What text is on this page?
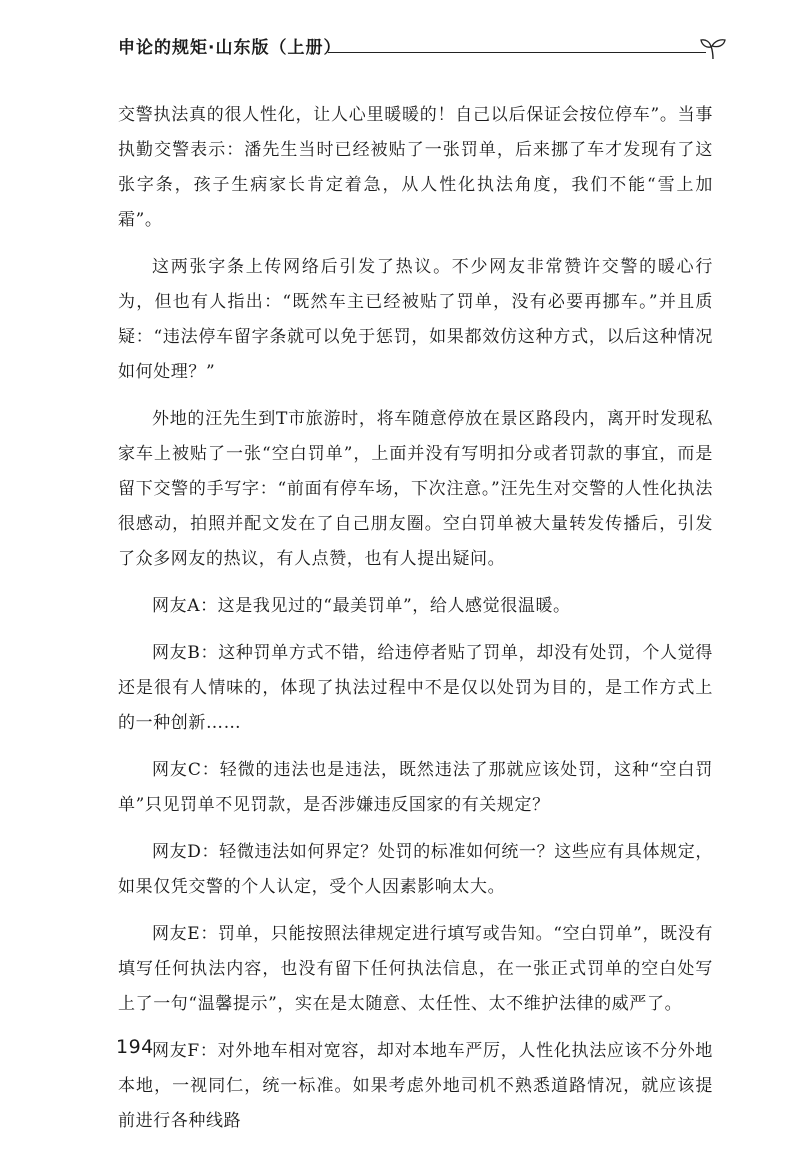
申论的规矩·山东版（上册）

交警执法真的很人性化，让人心里暖暖的！自己以后保证会按位停车”。当事执勤交警表示：潘先生当时已经被贴了一张罚单，后来挪了车才发现有了这张字条，孩子生病家长肯定着急，从人性化执法角度，我们不能“雪上加霜”。

这两张字条上传网络后引发了热议。不少网友非常赞许交警的暖心行为，但也有人指出：“既然车主已经被贴了罚单，没有必要再挪车。”并且质疑：“违法停车留字条就可以免于惩罚，如果都效仿这种方式，以后这种情况如何处理？”

外地的汪先生到T市旅游时，将车随意停放在景区路段内，离开时发现私家车上被贴了一张“空白罚单”，上面并没有写明扣分或者罚款的事宜，而是留下交警的手写字：“前面有停车场，下次注意。”汪先生对交警的人性化执法很感动，拍照并配文发在了自己朋友圈。空白罚单被大量转发传播后，引发了众多网友的热议，有人点赞，也有人提出疑问。

网友A：这是我见过的“最美罚单”，给人感觉很温暖。

网友B：这种罚单方式不错，给违停者贴了罚单，却没有处罚，个人觉得还是很有人情味的，体现了执法过程中不是仅以处罚为目的，是工作方式上的一种创新……

网友C：轻微的违法也是违法，既然违法了那就应该处罚，这种“空白罚单”只见罚单不见罚款，是否涉嫌违反国家的有关规定？

网友D：轻微违法如何界定？处罚的标准如何统一？这些应有具体规定，如果仅凭交警的个人认定，受个人因素影响太大。

网友E：罚单，只能按照法律规定进行填写或告知。“空白罚单”，既没有填写任何执法内容，也没有留下任何执法信息，在一张正式罚单的空白处写上了一句“温馨提示”，实在是太随意、太任性、太不维护法律的威严了。

网友F：对外地车相对宽容，却对本地车严厉，人性化执法应该不分外地本地，一视同仁，统一标准。如果考虑外地司机不熟悉道路情况，就应该提前进行各种线路

194
